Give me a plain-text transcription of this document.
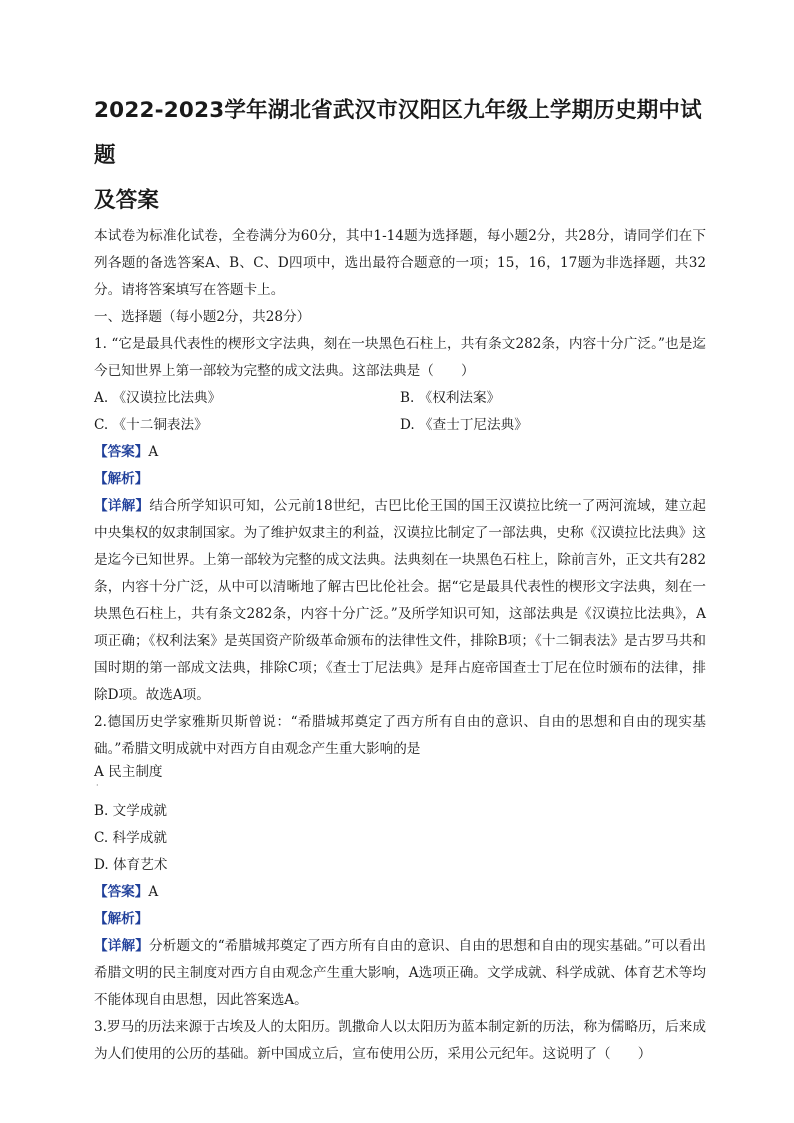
2022-2023学年湖北省武汉市汉阳区九年级上学期历史期中试题
及答案

本试卷为标准化试卷，全卷满分为60分，其中1-14题为选择题，每小题2分，共28分，请同学们在下列各题的备选答案A、B、C、D四项中，选出最符合题意的一项；15，16，17题为非选择题，共32分。请将答案填写在答题卡上。

一、选择题（每小题2分，共28分）

1. “它是最具代表性的楔形文字法典，刻在一块黑色石柱上，共有条文282条，内容十分广泛。”也是迄今已知世界上第一部较为完整的成文法典。这部法典是（　　）

A. 《汉谟拉比法典》	B. 《权利法案》
C. 《十二铜表法》	D. 《查士丁尼法典》
【答案】A
【解析】

【详解】结合所学知识可知，公元前18世纪，古巴比伦王国的国王汉谟拉比统一了两河流域，建立起中央集权的奴隶制国家。为了维护奴隶主的利益，汉谟拉比制定了一部法典，史称《汉谟拉比法典》这是迄今已知世界。上第一部较为完整的成文法典。法典刻在一块黑色石柱上，除前言外，正文共有282条，内容十分广泛，从中可以清晰地了解古巴比伦社会。据“它是最具代表性的楔形文字法典，刻在一块黑色石柱上，共有条文282条，内容十分广泛。”及所学知识可知，这部法典是《汉谟拉比法典》，A项正确；《权利法案》是英国资产阶级革命颁布的法律性文件，排除B项；《十二铜表法》是古罗马共和国时期的第一部成文法典，排除C项；《查士丁尼法典》是拜占庭帝国查士丁尼在位时颁布的法律，排除D项。故选A项。

2.德国历史学家雅斯贝斯曾说：“希腊城邦奠定了西方所有自由的意识、自由的思想和自由的现实基础。”希腊文明成就中对西方自由观念产生重大影响的是

A 民主制度
·
B. 文学成就
C. 科学成就
D. 体育艺术
【答案】A
【解析】

【详解】分析题文的“希腊城邦奠定了西方所有自由的意识、自由的思想和自由的现实基础。”可以看出希腊文明的民主制度对西方自由观念产生重大影响，A选项正确。文学成就、科学成就、体育艺术等均不能体现自由思想，因此答案选A。

3.罗马的历法来源于古埃及人的太阳历。凯撒命人以太阳历为蓝本制定新的历法，称为儒略历，后来成为人们使用的公历的基础。新中国成立后，宣布使用公历，采用公元纪年。这说明了（　　）
